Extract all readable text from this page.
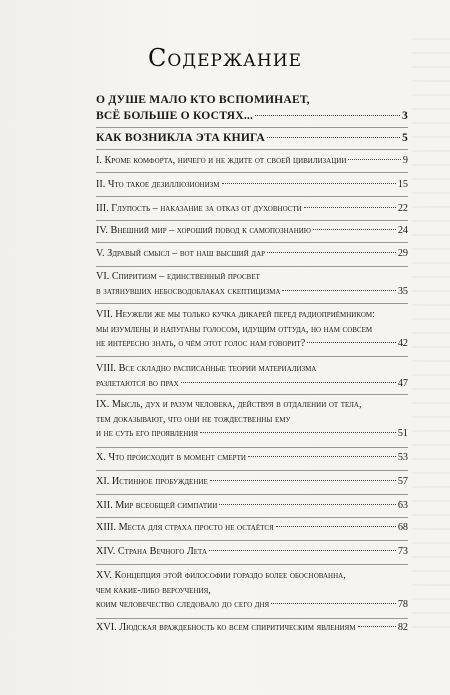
Содержание
О ДУШЕ МАЛО КТО ВСПОМИНАЕТ,
ВСЁ БОЛЬШЕ О КОСТЯХ...	3
КАК ВОЗНИКЛА ЭТА КНИГА	5
I. Кроме комфорта, ничего и не ждите от своей цивилизации	9
II. Что такое дезиллюзионизм	15
III. Глупость – наказание за отказ от духовности	22
IV. Внешний мир – хороший повод к самопознанию	24
V. Здравый смысл – вот наш высший дар	29
VI. Спиритизм – единственный просвет
в затянувших небосводоблаках скептицизма	35
VII. Неужели же мы только кучка дикарей перед радиоприёмником:
мы изумлены и напуганы голосом, идущим оттуда, но нам совсем
не интересно знать, о чём этот голос нам говорит?	42
VIII. Все складно расписанные теории материализма
разлетаются во прах	47
IX. Мысль, дух и разум человека, действуя в отдалении от тела,
тем доказывают, что они не тождественны ему
и не суть его проявления	51
X. Что происходит в момент смерти	53
XI. Истинное пробуждение	57
XII. Мир всеобщей симпатии	63
XIII. Места для страха просто не остаётся	68
XIV. Страна Вечного Лета	73
XV. Концепция этой философии гораздо более обоснованна,
чем какие-либо вероучения,
коим человечество следовало до сего дня	78
XVI. Людская враждебность ко всем спиритическим явлениям	82
